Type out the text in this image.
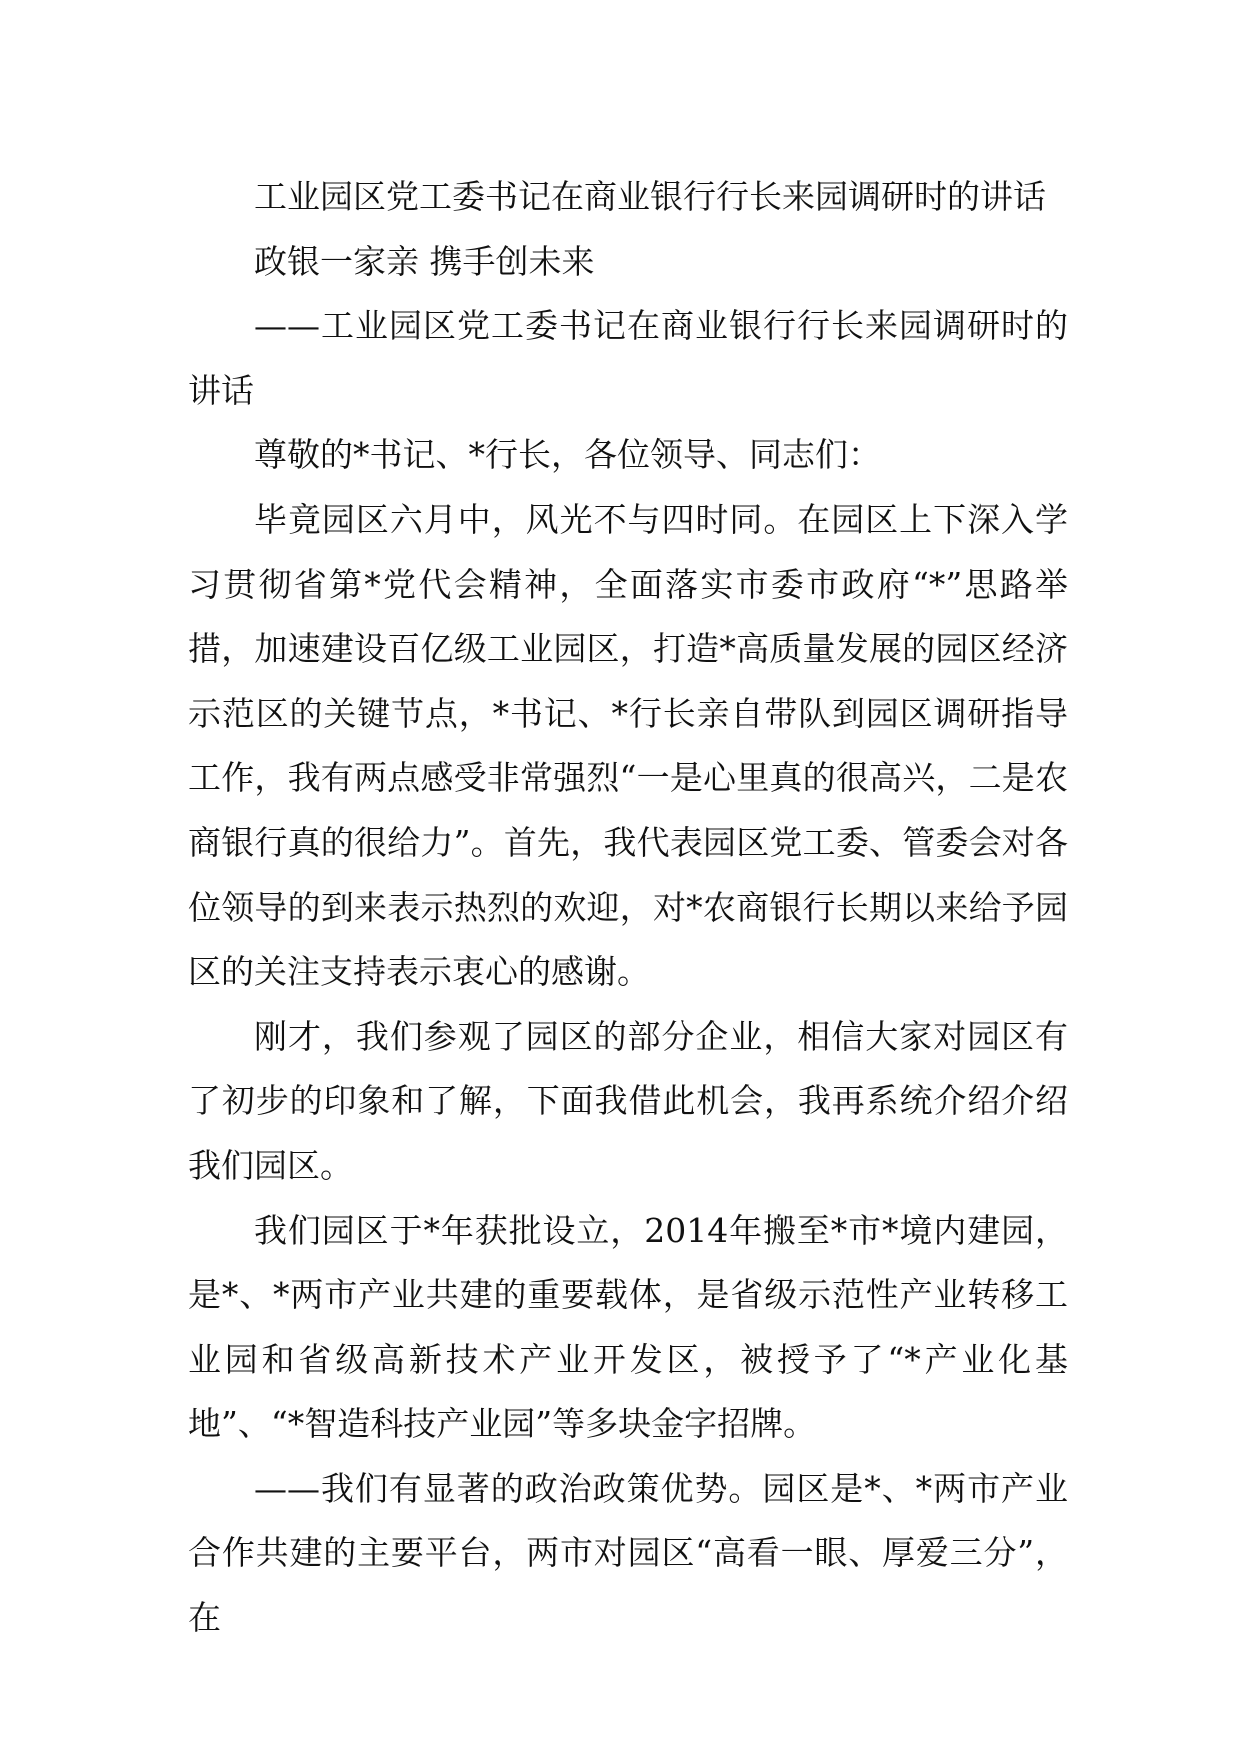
工业园区党工委书记在商业银行行长来园调研时的讲话

政银一家亲 携手创未来

——工业园区党工委书记在商业银行行长来园调研时的讲话

尊敬的*书记、*行长，各位领导、同志们：

毕竟园区六月中，风光不与四时同。在园区上下深入学习贯彻省第*党代会精神，全面落实市委市政府“*”思路举措，加速建设百亿级工业园区，打造*高质量发展的园区经济示范区的关键节点，*书记、*行长亲自带队到园区调研指导工作，我有两点感受非常强烈“一是心里真的很高兴，二是农商银行真的很给力”。首先，我代表园区党工委、管委会对各位领导的到来表示热烈的欢迎，对*农商银行长期以来给予园区的关注支持表示衷心的感谢。

刚才，我们参观了园区的部分企业，相信大家对园区有了初步的印象和了解，下面我借此机会，我再系统介绍介绍我们园区。

我们园区于*年获批设立，2014年搬至*市*境内建园，是*、*两市产业共建的重要载体，是省级示范性产业转移工业园和省级高新技术产业开发区，被授予了“*产业化基地”、“*智造科技产业园”等多块金字招牌。

——我们有显著的政治政策优势。园区是*、*两市产业合作共建的主要平台，两市对园区“高看一眼、厚爱三分”，在
